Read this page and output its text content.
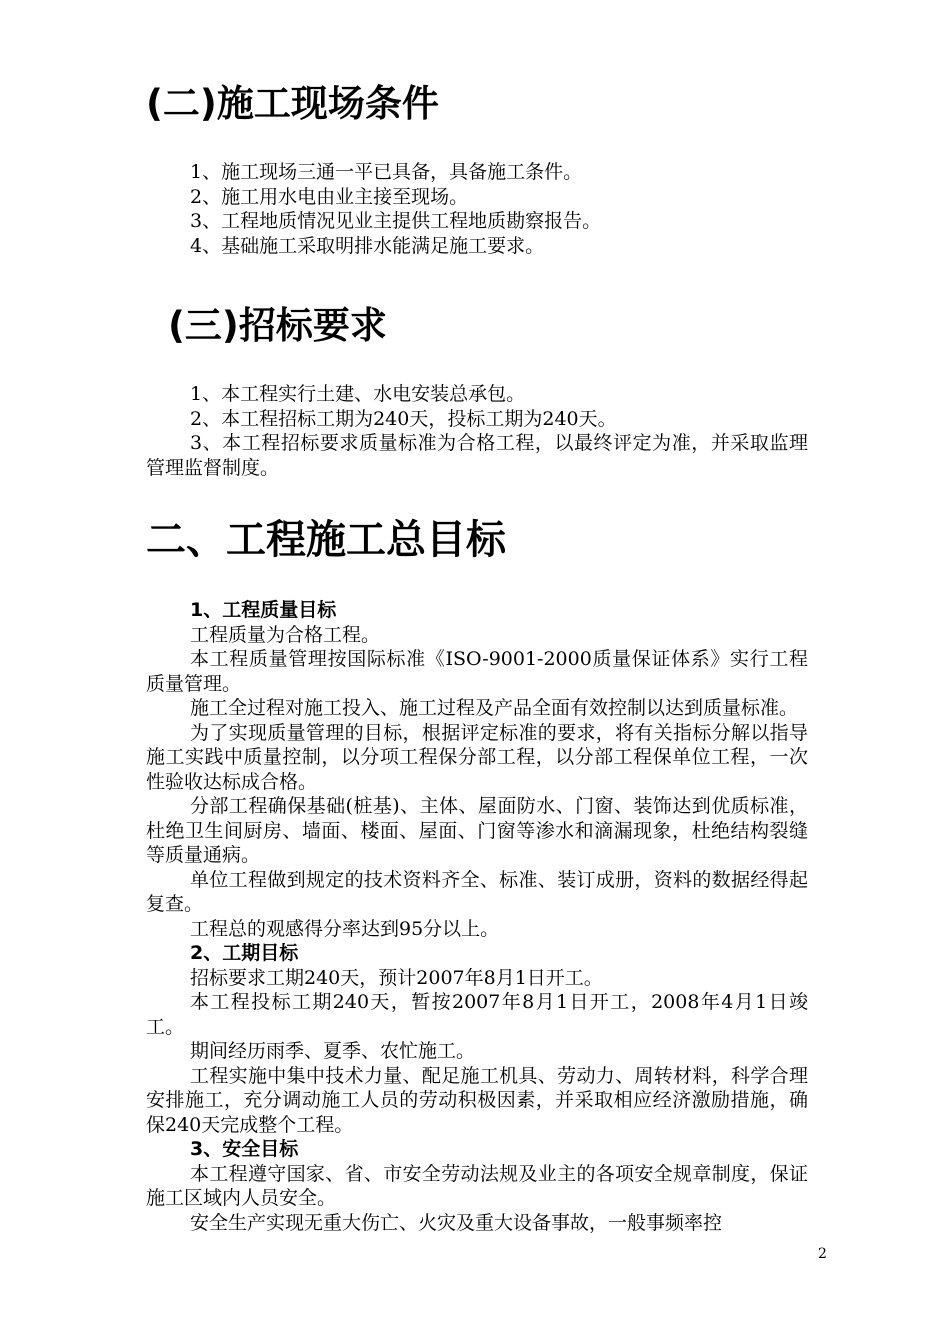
(二)施工现场条件

1、施工现场三通一平已具备，具备施工条件。

2、施工用水电由业主接至现场。

3、工程地质情况见业主提供工程地质勘察报告。

4、基础施工采取明排水能满足施工要求。

(三)招标要求

1、本工程实行土建、水电安装总承包。

2、本工程招标工期为240天，投标工期为240天。

3、本工程招标要求质量标准为合格工程，以最终评定为准，并采取监理管理监督制度。

二、工程施工总目标

1、工程质量目标

工程质量为合格工程。

本工程质量管理按国际标准《ISO-9001-2000质量保证体系》实行工程质量管理。

施工全过程对施工投入、施工过程及产品全面有效控制以达到质量标准。

为了实现质量管理的目标，根据评定标准的要求，将有关指标分解以指导施工实践中质量控制，以分项工程保分部工程，以分部工程保单位工程，一次性验收达标成合格。

分部工程确保基础(桩基)、主体、屋面防水、门窗、装饰达到优质标准，杜绝卫生间厨房、墙面、楼面、屋面、门窗等渗水和滴漏现象，杜绝结构裂缝等质量通病。

单位工程做到规定的技术资料齐全、标准、装订成册，资料的数据经得起复查。

工程总的观感得分率达到95分以上。

2、工期目标

招标要求工期240天，预计2007年8月1日开工。

本工程投标工期240天，暂按2007年8月1日开工，2008年4月1日竣工。

期间经历雨季、夏季、农忙施工。

工程实施中集中技术力量、配足施工机具、劳动力、周转材料，科学合理安排施工，充分调动施工人员的劳动积极因素，并采取相应经济激励措施，确保240天完成整个工程。

3、安全目标

本工程遵守国家、省、市安全劳动法规及业主的各项安全规章制度，保证施工区域内人员安全。

安全生产实现无重大伤亡、火灾及重大设备事故，一般事频率控

2
